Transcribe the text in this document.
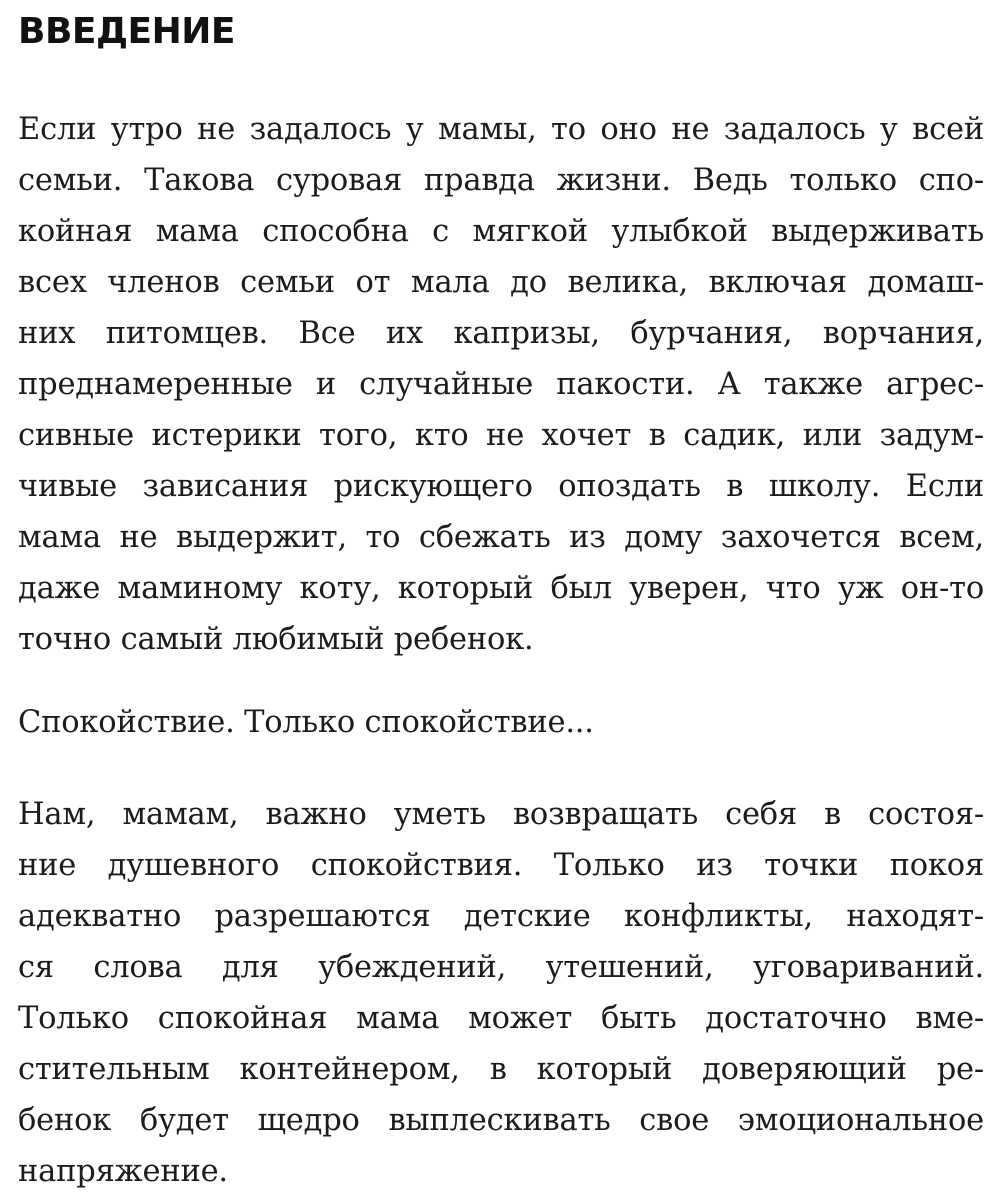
ВВЕДЕНИЕ

Если утро не задалось у мамы, то оно не задалось у всей
семьи. Такова суровая правда жизни. Ведь только спо-
койная мама способна с мягкой улыбкой выдерживать
всех членов семьи от мала до велика, включая домаш-
них питомцев. Все их капризы, бурчания, ворчания,
преднамеренные и случайные пакости. А также агрес-
сивные истерики того, кто не хочет в садик, или задум-
чивые зависания рискующего опоздать в школу. Если
мама не выдержит, то сбежать из дому захочется всем,
даже маминому коту, который был уверен, что уж он-то
точно самый любимый ребенок.

Спокойствие. Только спокойствие...

Нам, мамам, важно уметь возвращать себя в состоя-
ние душевного спокойствия. Только из точки покоя
адекватно разрешаются детские конфликты, находят-
ся слова для убеждений, утешений, уговариваний.
Только спокойная мама может быть достаточно вме-
стительным контейнером, в который доверяющий ре-
бенок будет щедро выплескивать свое эмоциональное
напряжение.
